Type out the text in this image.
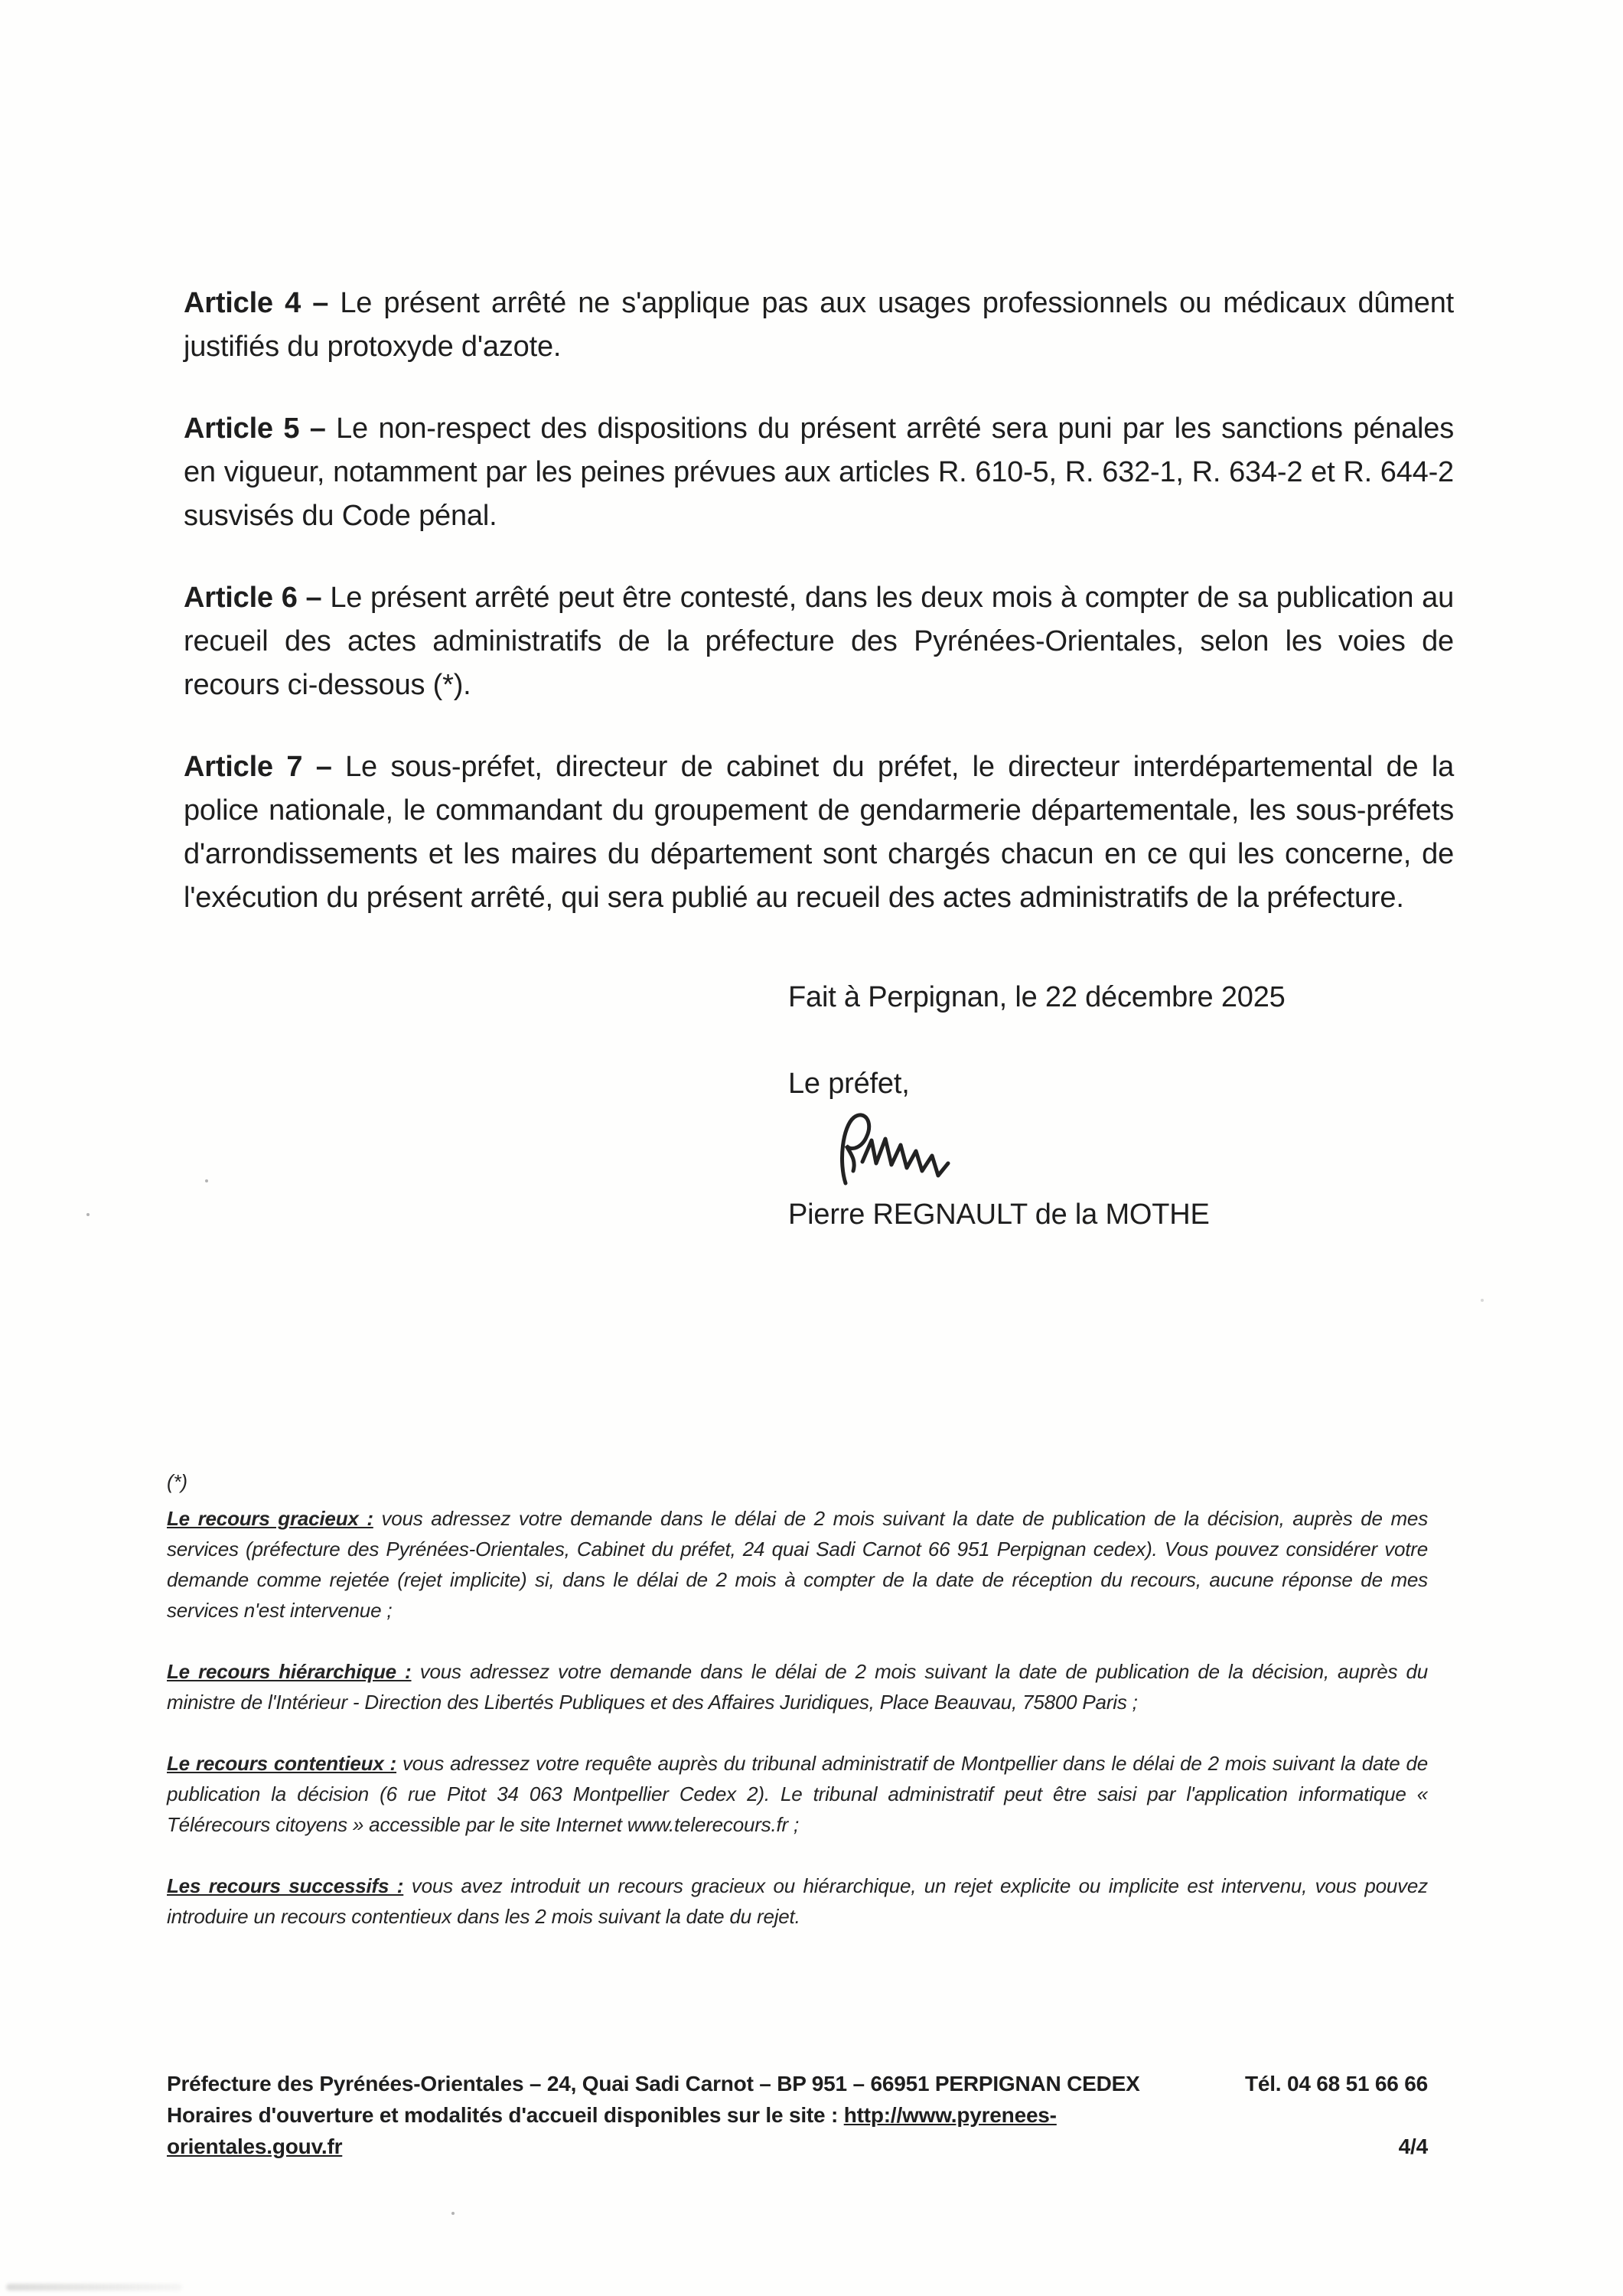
Article 4 – Le présent arrêté ne s'applique pas aux usages professionnels ou médicaux dûment justifiés du protoxyde d'azote.

Article 5 – Le non-respect des dispositions du présent arrêté sera puni par les sanctions pénales en vigueur, notamment par les peines prévues aux articles R. 610-5, R. 632-1, R. 634-2 et R. 644-2 susvisés du Code pénal.

Article 6 – Le présent arrêté peut être contesté, dans les deux mois à compter de sa publication au recueil des actes administratifs de la préfecture des Pyrénées-Orientales, selon les voies de recours ci-dessous (*).

Article 7 – Le sous-préfet, directeur de cabinet du préfet, le directeur interdépartemental de la police nationale, le commandant du groupement de gendarmerie départementale, les sous-préfets d'arrondissements et les maires du département sont chargés chacun en ce qui les concerne, de l'exécution du présent arrêté, qui sera publié au recueil des actes administratifs de la préfecture.

Fait à Perpignan, le 22 décembre 2025

Le préfet,

Pierre REGNAULT de la MOTHE

(*)

Le recours gracieux : vous adressez votre demande dans le délai de 2 mois suivant la date de publication de la décision, auprès de mes services (préfecture des Pyrénées-Orientales, Cabinet du préfet, 24 quai Sadi Carnot 66 951 Perpignan cedex). Vous pouvez considérer votre demande comme rejetée (rejet implicite) si, dans le délai de 2 mois à compter de la date de réception du recours, aucune réponse de mes services n'est intervenue ;

Le recours hiérarchique : vous adressez votre demande dans le délai de 2 mois suivant la date de publication de la décision, auprès du ministre de l'Intérieur - Direction des Libertés Publiques et des Affaires Juridiques, Place Beauvau, 75800 Paris ;

Le recours contentieux : vous adressez votre requête auprès du tribunal administratif de Montpellier dans le délai de 2 mois suivant la date de publication la décision (6 rue Pitot 34 063 Montpellier Cedex 2). Le tribunal administratif peut être saisi par l'application informatique « Télérecours citoyens » accessible par le site Internet www.telerecours.fr ;

Les recours successifs : vous avez introduit un recours gracieux ou hiérarchique, un rejet explicite ou implicite est intervenu, vous pouvez introduire un recours contentieux dans les 2 mois suivant la date du rejet.

Préfecture des Pyrénées-Orientales – 24, Quai Sadi Carnot – BP 951 – 66951 PERPIGNAN CEDEX	Tél. 04 68 51 66 66
Horaires d'ouverture et modalités d'accueil disponibles sur le site : http://www.pyrenees-
orientales.gouv.fr	4/4
